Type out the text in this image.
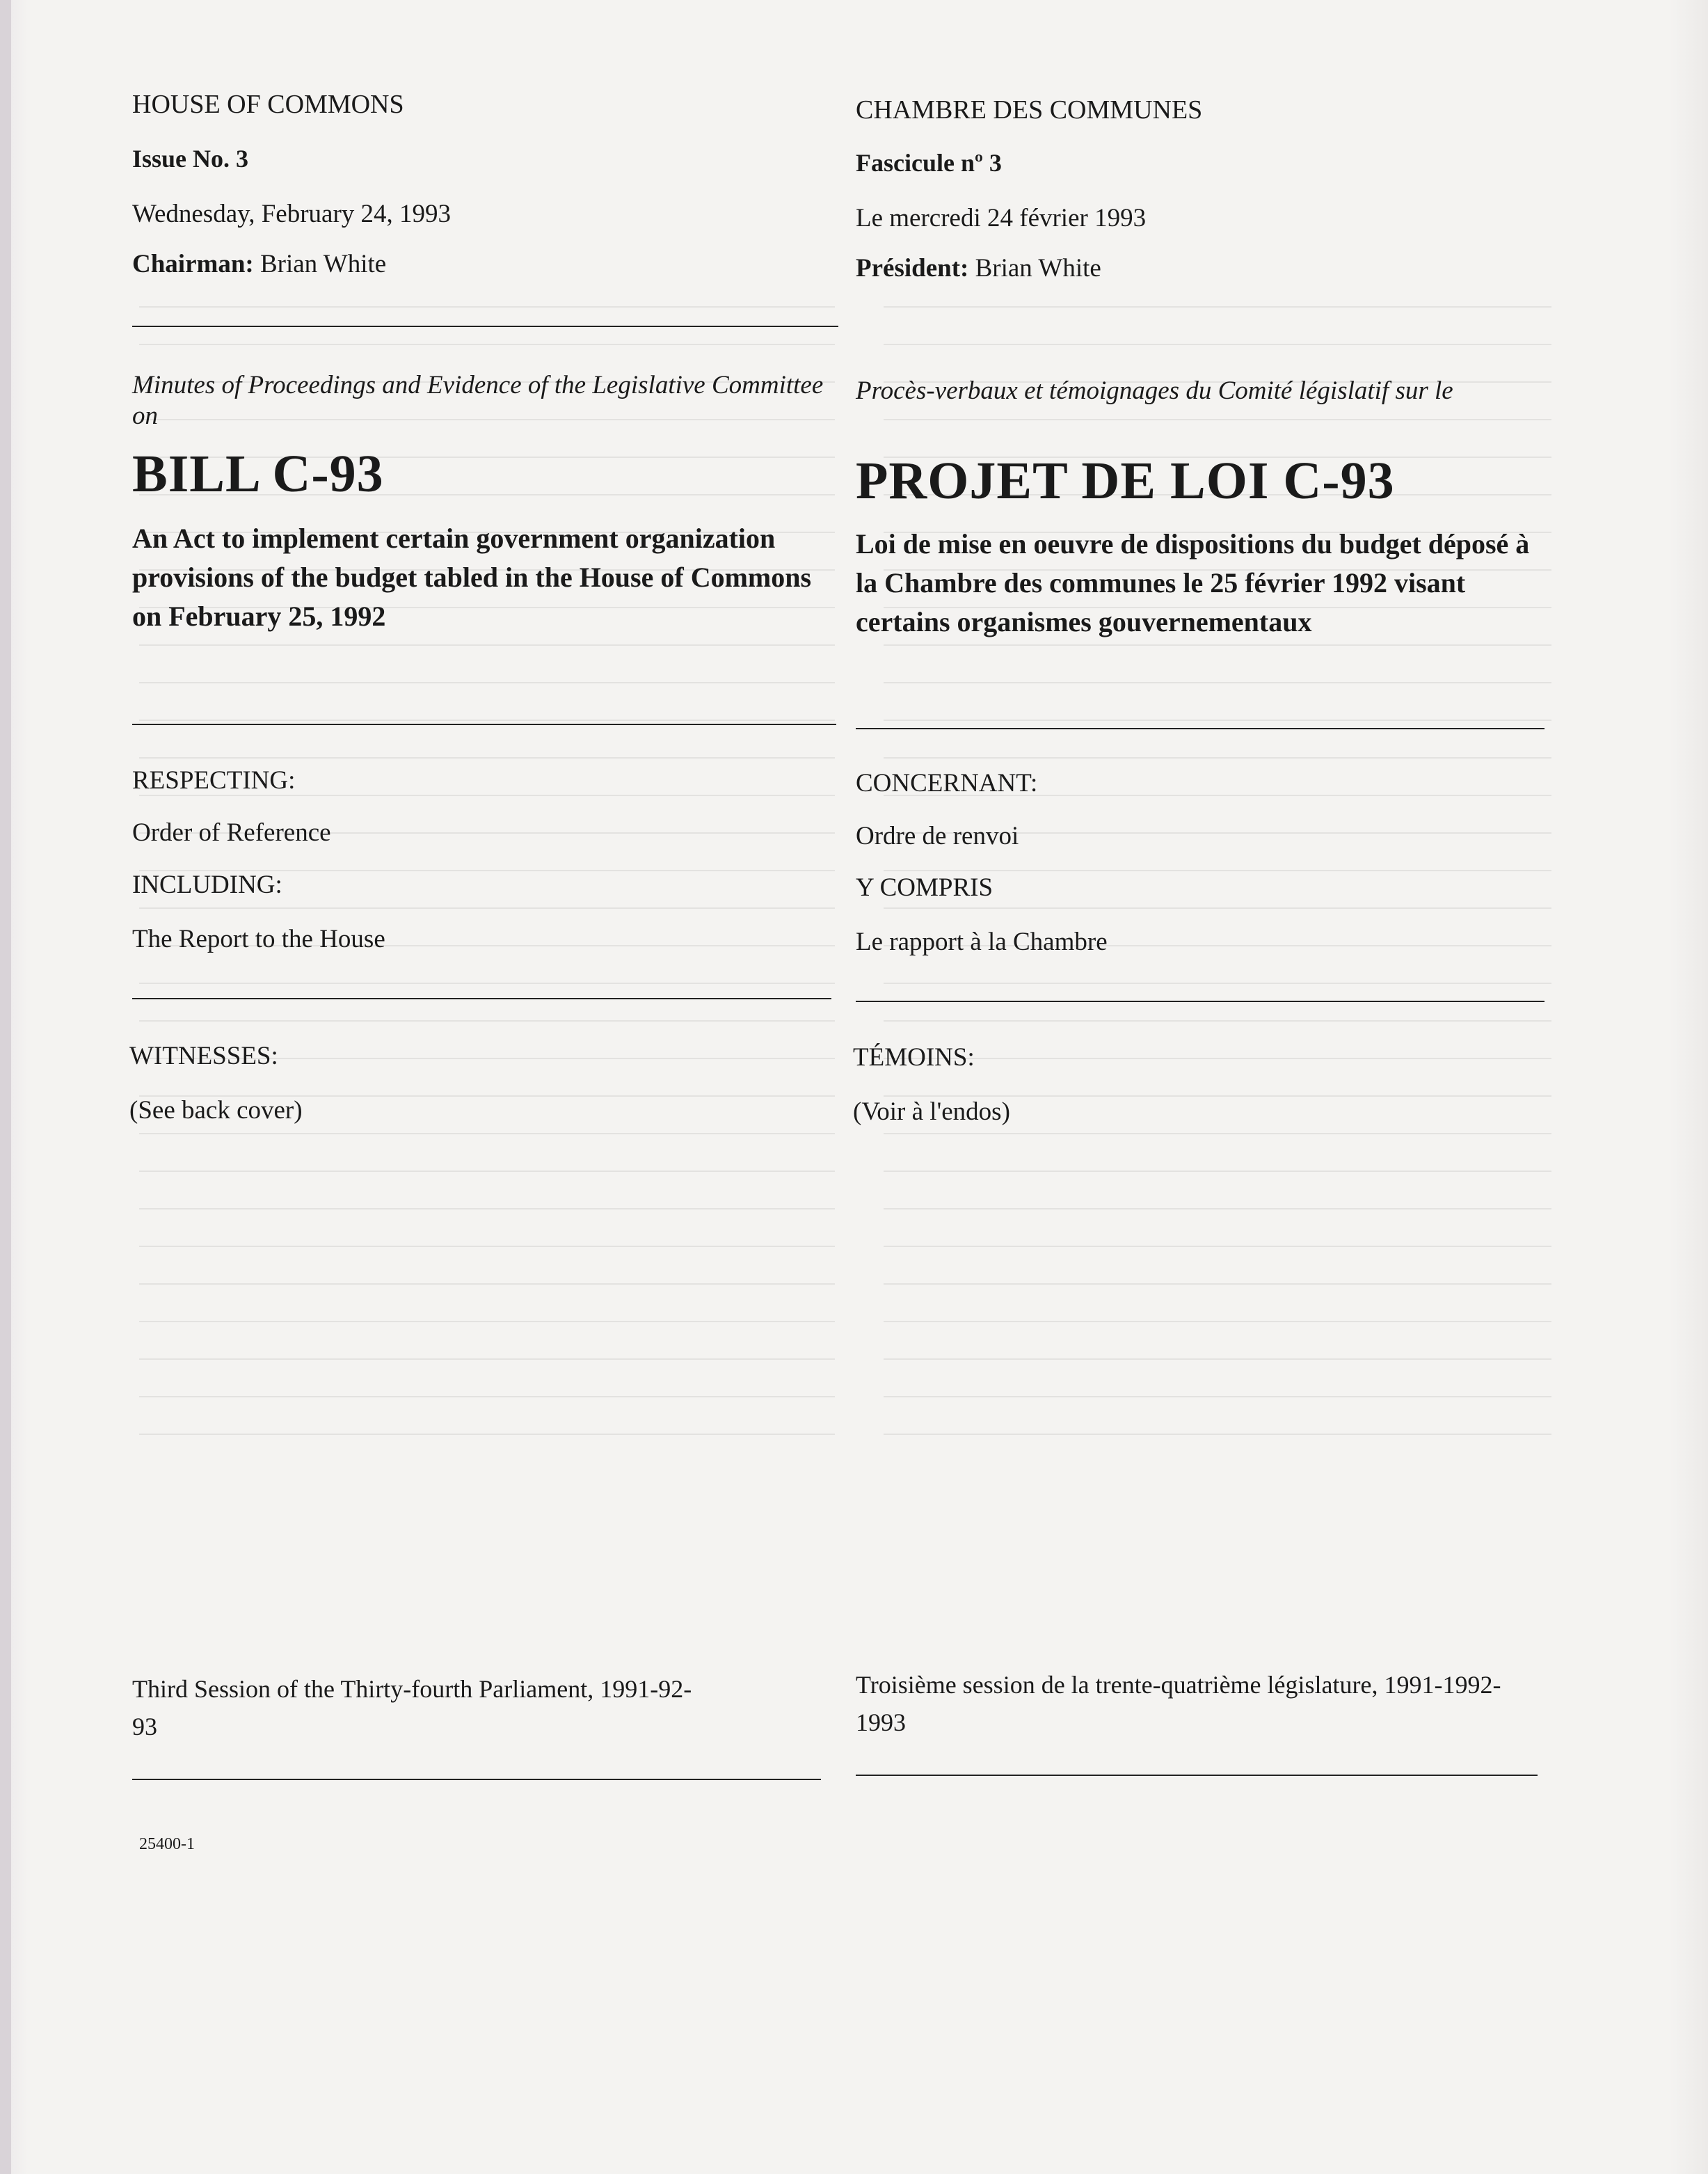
HOUSE OF COMMONS
Issue No. 3
Wednesday, February 24, 1993
Chairman: Brian White
Minutes of Proceedings and Evidence of the Legislative Committee on
BILL C-93
An Act to implement certain government organization provisions of the budget tabled in the House of Commons on February 25, 1992
RESPECTING:
Order of Reference
INCLUDING:
The Report to the House
WITNESSES:
(See back cover)
Third Session of the Thirty-fourth Parliament, 1991-92-93
25400-1
CHAMBRE DES COMMUNES
Fascicule nº 3
Le mercredi 24 février 1993
Président: Brian White
Procès-verbaux et témoignages du Comité législatif sur le
PROJET DE LOI C-93
Loi de mise en oeuvre de dispositions du budget déposé à la Chambre des communes le 25 février 1992 visant certains organismes gouvernementaux
CONCERNANT:
Ordre de renvoi
Y COMPRIS
Le rapport à la Chambre
TÉMOINS:
(Voir à l'endos)
Troisième session de la trente-quatrième législature, 1991-1992-1993
